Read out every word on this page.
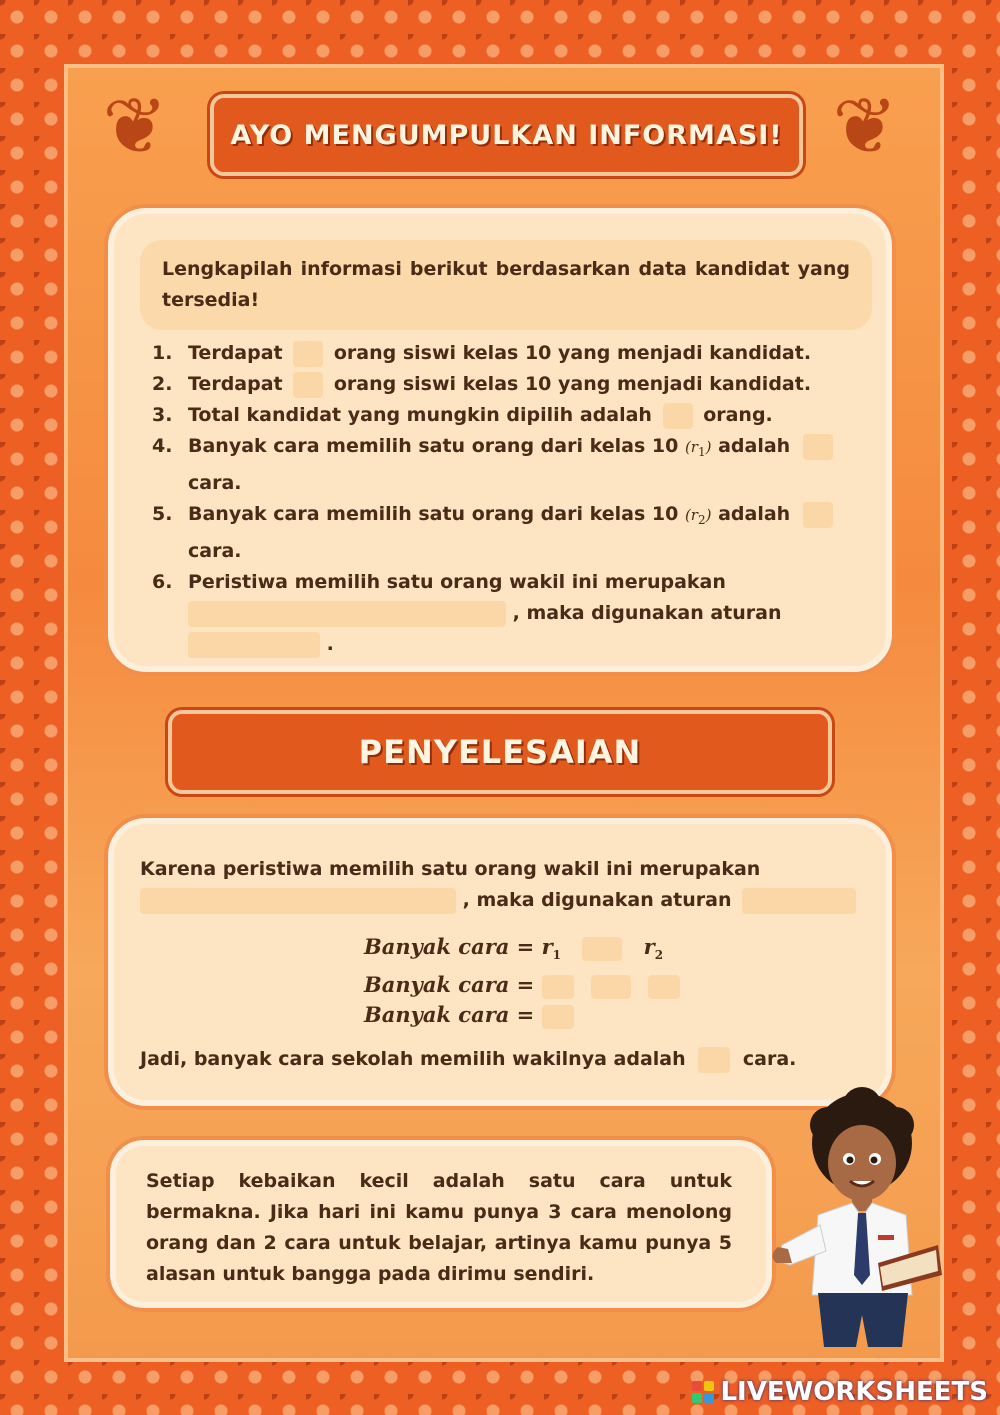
❦	❦
AYO MENGUMPULKAN INFORMASI!
Lengkapilah informasi berikut berdasarkan data kandidat yang tersedia!
1. Terdapat	orang siswi kelas 10 yang menjadi kandidat.
2. Terdapat	orang siswi kelas 10 yang menjadi kandidat.
3. Total kandidat yang mungkin dipilih adalah	orang.
4. Banyak cara memilih satu orang dari kelas 10 $(r_1)$ adalah
cara.
5. Banyak cara memilih satu orang dari kelas 10 $(r_2)$ adalah
cara.
6. Peristiwa memilih satu orang wakil ini merupakan
, maka digunakan aturan
.
PENYELESAIAN
Karena peristiwa memilih satu orang wakil ini merupakan
, maka digunakan aturan
Banyak cara = $r_1$	$r_2$
Banyak cara =
Banyak cara =
Jadi, banyak cara sekolah memilih wakilnya adalah	cara.
Setiap kebaikan kecil adalah satu cara untuk bermakna. Jika hari ini kamu punya 3 cara menolong orang dan 2 cara untuk belajar, artinya kamu punya 5 alasan untuk bangga pada dirimu sendiri.
LIVEWORKSHEETS
